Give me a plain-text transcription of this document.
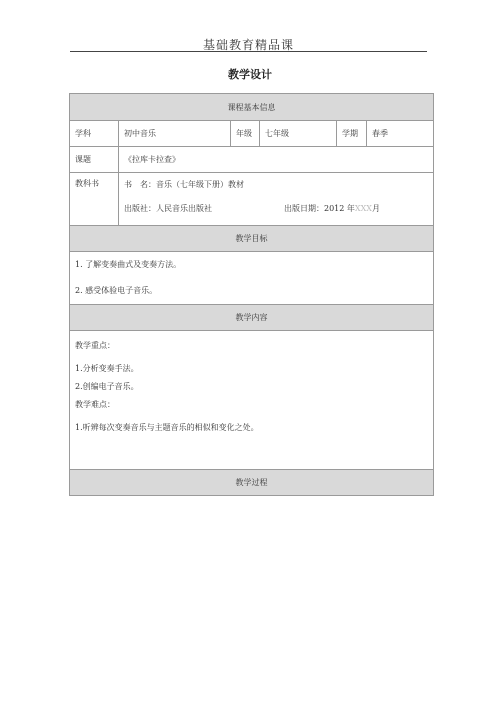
基础教育精品课
教学设计
课程基本信息					
学科	初中音乐	年级	七年级	学期	春季
课题	《拉库卡拉查》				
教科书	书　名：音乐（七年级下册）教材
出版社：人民音乐出版社 出版日期：2012 年XXX月				

教学目标					

1. 了解变奏曲式及变奏方法。
2. 感受体验电子音乐。					

教学内容					

教学重点：
1.分析变奏手法。
2.创编电子音乐。
教学难点：
1.听辨每次变奏音乐与主题音乐的相似和变化之处。					

教学过程					
